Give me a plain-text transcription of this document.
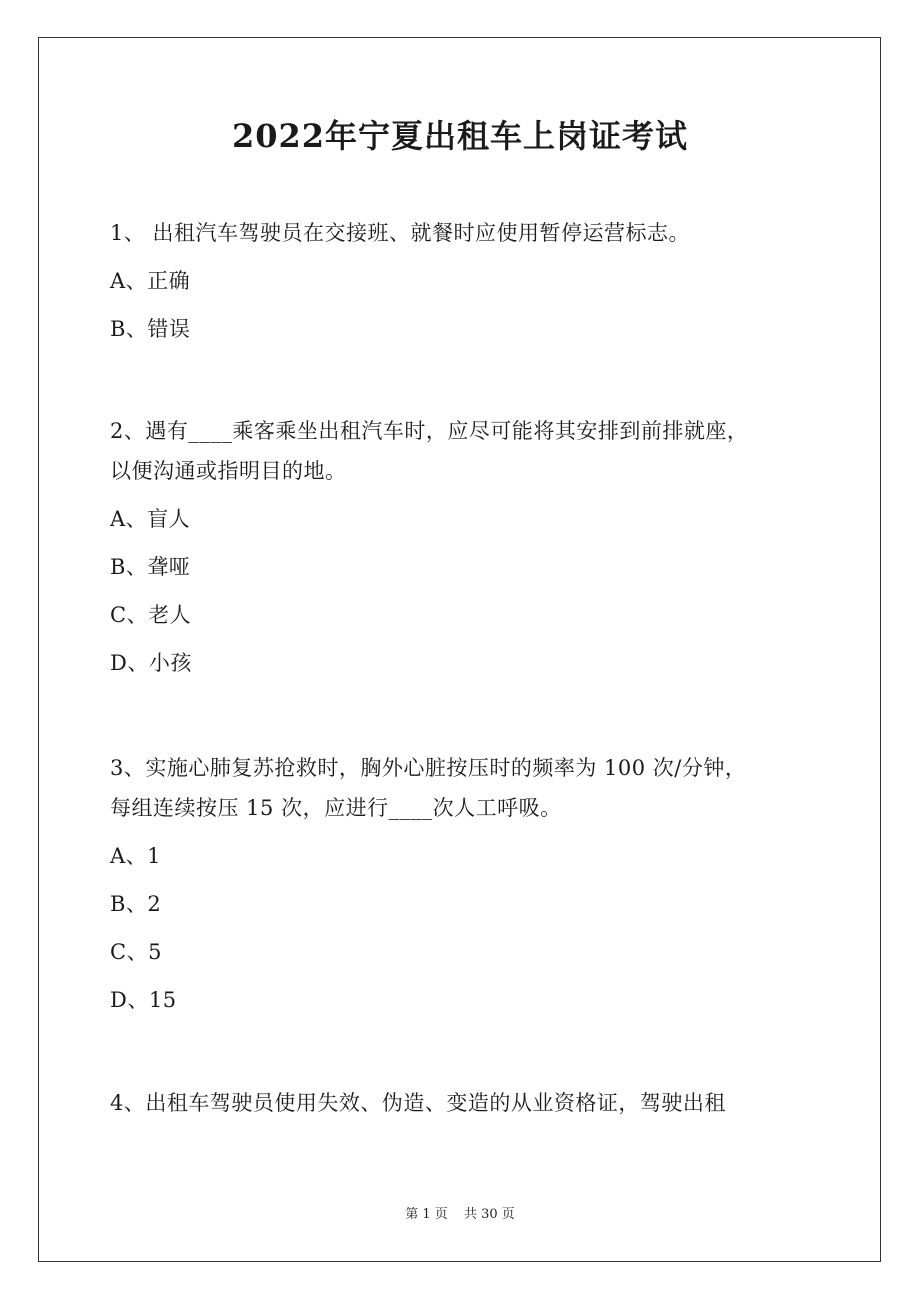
2022年宁夏出租车上岗证考试
1、 出租汽车驾驶员在交接班、就餐时应使用暂停运营标志。
A、正确
B、错误
2、遇有____乘客乘坐出租汽车时，应尽可能将其安排到前排就座，
以便沟通或指明目的地。
A、盲人
B、聋哑
C、老人
D、小孩
3、实施心肺复苏抢救时，胸外心脏按压时的频率为 100 次/分钟，
每组连续按压 15 次，应进行____次人工呼吸。
A、1
B、2
C、5
D、15
4、出租车驾驶员使用失效、伪造、变造的从业资格证，驾驶出租
第 1 页 共 30 页
